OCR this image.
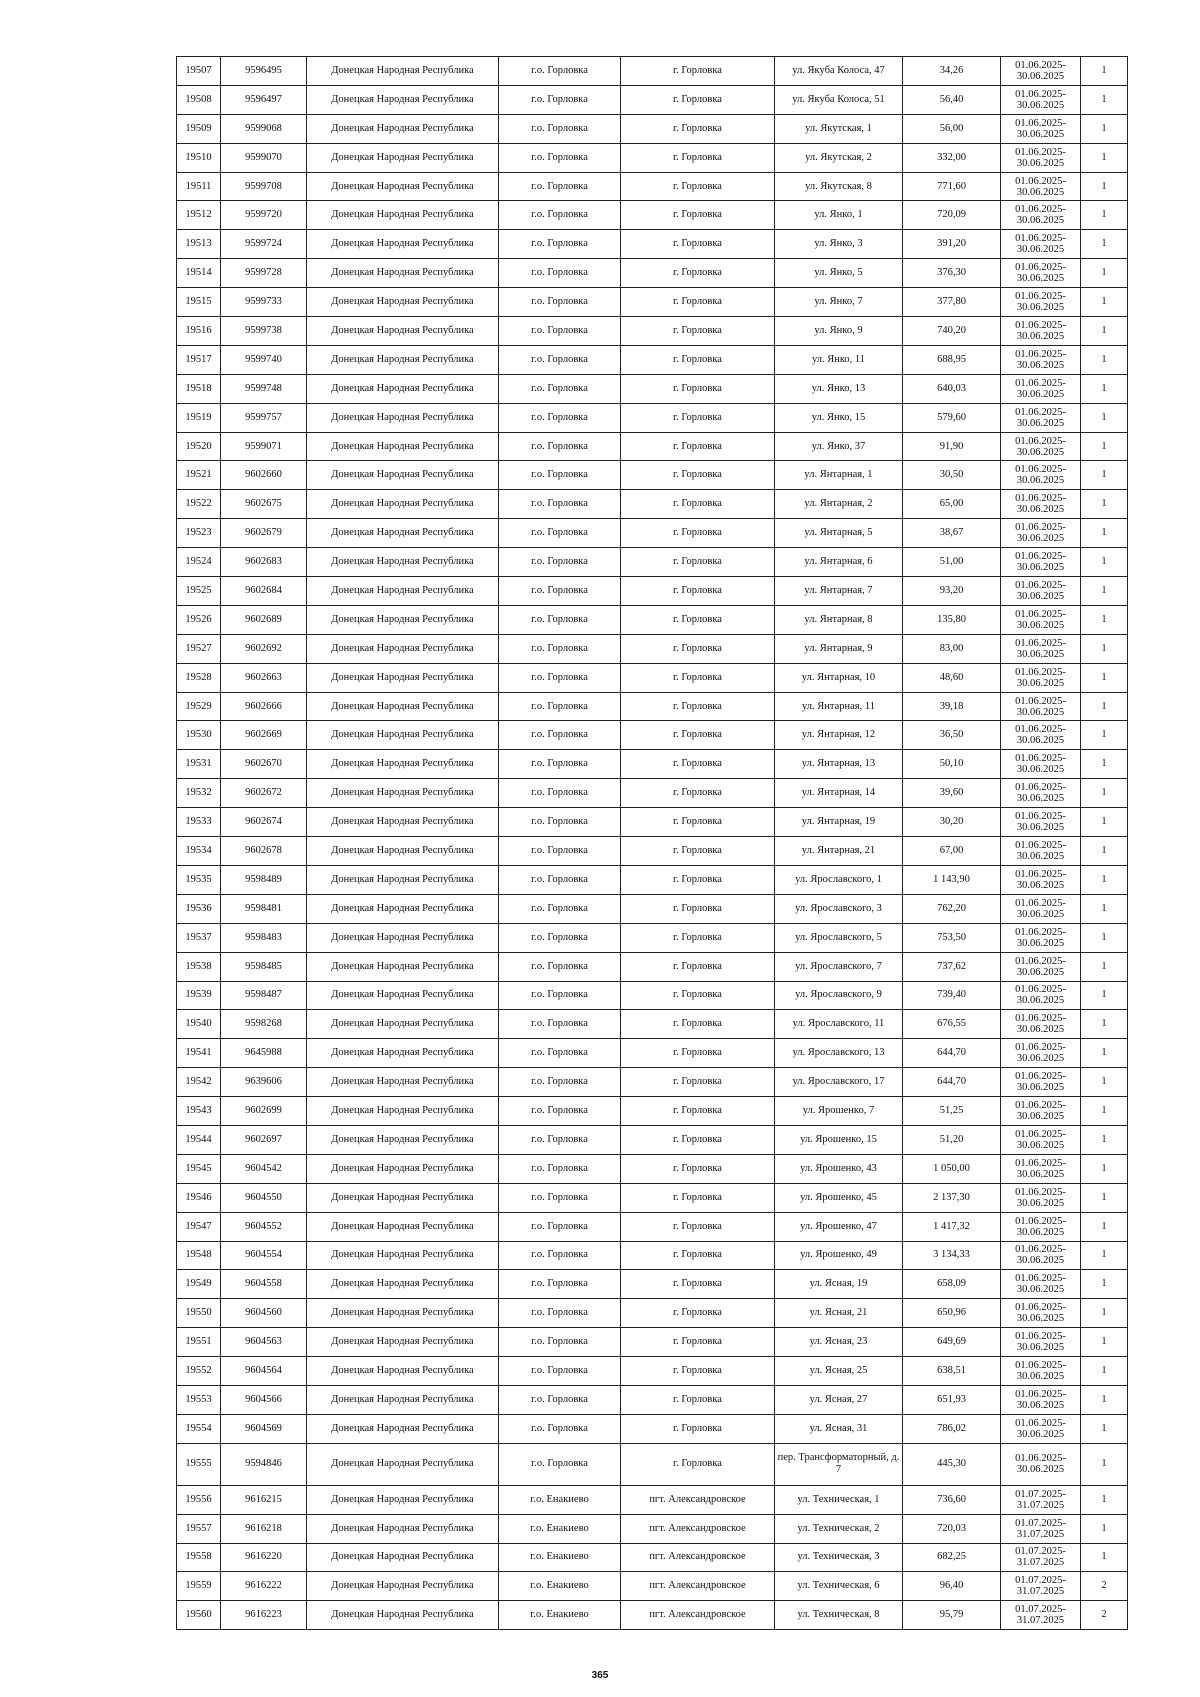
19507	9596495	Донецкая Народная Республика	г.о. Горловка	г. Горловка	ул. Якуба Колоса, 47	34,26	01.06.2025-30.06.2025	1
19508	9596497	Донецкая Народная Республика	г.о. Горловка	г. Горловка	ул. Якуба Колоса, 51	56,40	01.06.2025-30.06.2025	1
19509	9599068	Донецкая Народная Республика	г.о. Горловка	г. Горловка	ул. Якутская, 1	56,00	01.06.2025-30.06.2025	1
19510	9599070	Донецкая Народная Республика	г.о. Горловка	г. Горловка	ул. Якутская, 2	332,00	01.06.2025-30.06.2025	1
19511	9599708	Донецкая Народная Республика	г.о. Горловка	г. Горловка	ул. Якутская, 8	771,60	01.06.2025-30.06.2025	1
19512	9599720	Донецкая Народная Республика	г.о. Горловка	г. Горловка	ул. Янко, 1	720,09	01.06.2025-30.06.2025	1
19513	9599724	Донецкая Народная Республика	г.о. Горловка	г. Горловка	ул. Янко, 3	391,20	01.06.2025-30.06.2025	1
19514	9599728	Донецкая Народная Республика	г.о. Горловка	г. Горловка	ул. Янко, 5	376,30	01.06.2025-30.06.2025	1
19515	9599733	Донецкая Народная Республика	г.о. Горловка	г. Горловка	ул. Янко, 7	377,80	01.06.2025-30.06.2025	1
19516	9599738	Донецкая Народная Республика	г.о. Горловка	г. Горловка	ул. Янко, 9	740,20	01.06.2025-30.06.2025	1
19517	9599740	Донецкая Народная Республика	г.о. Горловка	г. Горловка	ул. Янко, 11	688,95	01.06.2025-30.06.2025	1
19518	9599748	Донецкая Народная Республика	г.о. Горловка	г. Горловка	ул. Янко, 13	640,03	01.06.2025-30.06.2025	1
19519	9599757	Донецкая Народная Республика	г.о. Горловка	г. Горловка	ул. Янко, 15	579,60	01.06.2025-30.06.2025	1
19520	9599071	Донецкая Народная Республика	г.о. Горловка	г. Горловка	ул. Янко, 37	91,90	01.06.2025-30.06.2025	1
19521	9602660	Донецкая Народная Республика	г.о. Горловка	г. Горловка	ул. Янтарная, 1	30,50	01.06.2025-30.06.2025	1
19522	9602675	Донецкая Народная Республика	г.о. Горловка	г. Горловка	ул. Янтарная, 2	65,00	01.06.2025-30.06.2025	1
19523	9602679	Донецкая Народная Республика	г.о. Горловка	г. Горловка	ул. Янтарная, 5	38,67	01.06.2025-30.06.2025	1
19524	9602683	Донецкая Народная Республика	г.о. Горловка	г. Горловка	ул. Янтарная, 6	51,00	01.06.2025-30.06.2025	1
19525	9602684	Донецкая Народная Республика	г.о. Горловка	г. Горловка	ул. Янтарная, 7	93,20	01.06.2025-30.06.2025	1
19526	9602689	Донецкая Народная Республика	г.о. Горловка	г. Горловка	ул. Янтарная, 8	135,80	01.06.2025-30.06.2025	1
19527	9602692	Донецкая Народная Республика	г.о. Горловка	г. Горловка	ул. Янтарная, 9	83,00	01.06.2025-30.06.2025	1
19528	9602663	Донецкая Народная Республика	г.о. Горловка	г. Горловка	ул. Янтарная, 10	48,60	01.06.2025-30.06.2025	1
19529	9602666	Донецкая Народная Республика	г.о. Горловка	г. Горловка	ул. Янтарная, 11	39,18	01.06.2025-30.06.2025	1
19530	9602669	Донецкая Народная Республика	г.о. Горловка	г. Горловка	ул. Янтарная, 12	36,50	01.06.2025-30.06.2025	1
19531	9602670	Донецкая Народная Республика	г.о. Горловка	г. Горловка	ул. Янтарная, 13	50,10	01.06.2025-30.06.2025	1
19532	9602672	Донецкая Народная Республика	г.о. Горловка	г. Горловка	ул. Янтарная, 14	39,60	01.06.2025-30.06.2025	1
19533	9602674	Донецкая Народная Республика	г.о. Горловка	г. Горловка	ул. Янтарная, 19	30,20	01.06.2025-30.06.2025	1
19534	9602678	Донецкая Народная Республика	г.о. Горловка	г. Горловка	ул. Янтарная, 21	67,00	01.06.2025-30.06.2025	1
19535	9598489	Донецкая Народная Республика	г.о. Горловка	г. Горловка	ул. Ярославского, 1	1 143,90	01.06.2025-30.06.2025	1
19536	9598481	Донецкая Народная Республика	г.о. Горловка	г. Горловка	ул. Ярославского, 3	762,20	01.06.2025-30.06.2025	1
19537	9598483	Донецкая Народная Республика	г.о. Горловка	г. Горловка	ул. Ярославского, 5	753,50	01.06.2025-30.06.2025	1
19538	9598485	Донецкая Народная Республика	г.о. Горловка	г. Горловка	ул. Ярославского, 7	737,62	01.06.2025-30.06.2025	1
19539	9598487	Донецкая Народная Республика	г.о. Горловка	г. Горловка	ул. Ярославского, 9	739,40	01.06.2025-30.06.2025	1
19540	9598268	Донецкая Народная Республика	г.о. Горловка	г. Горловка	ул. Ярославского, 11	676,55	01.06.2025-30.06.2025	1
19541	9645988	Донецкая Народная Республика	г.о. Горловка	г. Горловка	ул. Ярославского, 13	644,70	01.06.2025-30.06.2025	1
19542	9639606	Донецкая Народная Республика	г.о. Горловка	г. Горловка	ул. Ярославского, 17	644,70	01.06.2025-30.06.2025	1
19543	9602699	Донецкая Народная Республика	г.о. Горловка	г. Горловка	ул. Ярошенко, 7	51,25	01.06.2025-30.06.2025	1
19544	9602697	Донецкая Народная Республика	г.о. Горловка	г. Горловка	ул. Ярошенко, 15	51,20	01.06.2025-30.06.2025	1
19545	9604542	Донецкая Народная Республика	г.о. Горловка	г. Горловка	ул. Ярошенко, 43	1 050,00	01.06.2025-30.06.2025	1
19546	9604550	Донецкая Народная Республика	г.о. Горловка	г. Горловка	ул. Ярошенко, 45	2 137,30	01.06.2025-30.06.2025	1
19547	9604552	Донецкая Народная Республика	г.о. Горловка	г. Горловка	ул. Ярошенко, 47	1 417,32	01.06.2025-30.06.2025	1
19548	9604554	Донецкая Народная Республика	г.о. Горловка	г. Горловка	ул. Ярошенко, 49	3 134,33	01.06.2025-30.06.2025	1
19549	9604558	Донецкая Народная Республика	г.о. Горловка	г. Горловка	ул. Ясная, 19	658,09	01.06.2025-30.06.2025	1
19550	9604560	Донецкая Народная Республика	г.о. Горловка	г. Горловка	ул. Ясная, 21	650,96	01.06.2025-30.06.2025	1
19551	9604563	Донецкая Народная Республика	г.о. Горловка	г. Горловка	ул. Ясная, 23	649,69	01.06.2025-30.06.2025	1
19552	9604564	Донецкая Народная Республика	г.о. Горловка	г. Горловка	ул. Ясная, 25	638,51	01.06.2025-30.06.2025	1
19553	9604566	Донецкая Народная Республика	г.о. Горловка	г. Горловка	ул. Ясная, 27	651,93	01.06.2025-30.06.2025	1
19554	9604569	Донецкая Народная Республика	г.о. Горловка	г. Горловка	ул. Ясная, 31	786,02	01.06.2025-30.06.2025	1
19555	9594846	Донецкая Народная Республика	г.о. Горловка	г. Горловка	пер. Трансформаторный, д. 7	445,30	01.06.2025-30.06.2025	1
19556	9616215	Донецкая Народная Республика	г.о. Енакиево	пгт. Александровское	ул. Техническая, 1	736,60	01.07.2025-31.07.2025	1
19557	9616218	Донецкая Народная Республика	г.о. Енакиево	пгт. Александровское	ул. Техническая, 2	720,03	01.07.2025-31.07.2025	1
19558	9616220	Донецкая Народная Республика	г.о. Енакиево	пгт. Александровское	ул. Техническая, 3	682,25	01.07.2025-31.07.2025	1
19559	9616222	Донецкая Народная Республика	г.о. Енакиево	пгт. Александровское	ул. Техническая, 6	96,40	01.07.2025-31.07.2025	2
19560	9616223	Донецкая Народная Республика	г.о. Енакиево	пгт. Александровское	ул. Техническая, 8	95,79	01.07.2025-31.07.2025	2
365
